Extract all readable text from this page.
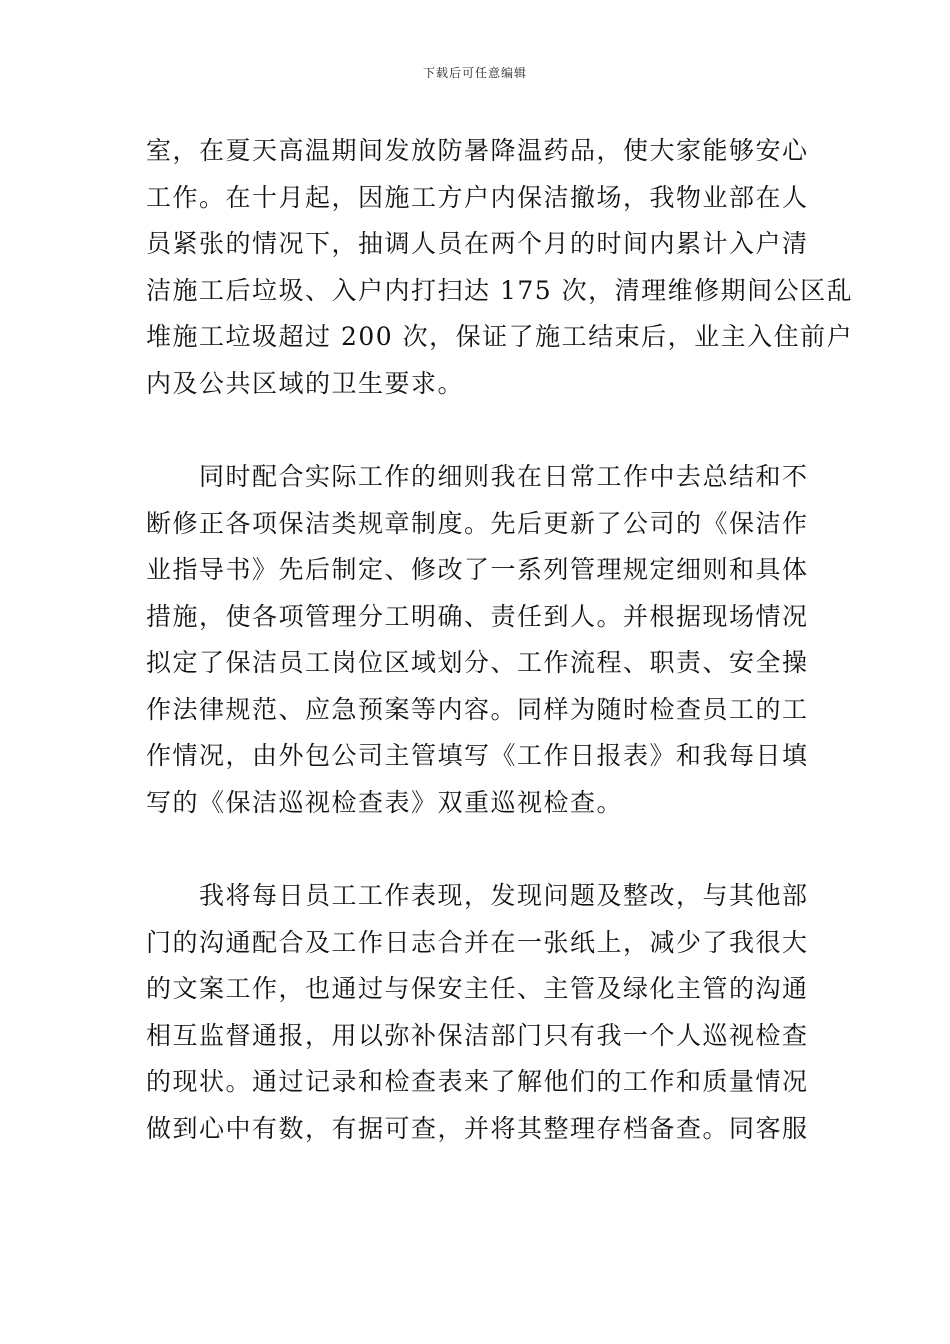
下载后可任意编辑

室，在夏天高温期间发放防暑降温药品，使大家能够安心
工作。在十月起，因施工方户内保洁撤场，我物业部在人
员紧张的情况下，抽调人员在两个月的时间内累计入户清
洁施工后垃圾、入户内打扫达 175 次，清理维修期间公区乱
堆施工垃圾超过 200 次，保证了施工结束后，业主入住前户
内及公共区域的卫生要求。

　　同时配合实际工作的细则我在日常工作中去总结和不
断修正各项保洁类规章制度。先后更新了公司的《保洁作
业指导书》先后制定、修改了一系列管理规定细则和具体
措施，使各项管理分工明确、责任到人。并根据现场情况
拟定了保洁员工岗位区域划分、工作流程、职责、安全操
作法律规范、应急预案等内容。同样为随时检查员工的工
作情况，由外包公司主管填写《工作日报表》和我每日填
写的《保洁巡视检查表》双重巡视检查。

　　我将每日员工工作表现，发现问题及整改，与其他部
门的沟通配合及工作日志合并在一张纸上，减少了我很大
的文案工作，也通过与保安主任、主管及绿化主管的沟通
相互监督通报，用以弥补保洁部门只有我一个人巡视检查
的现状。通过记录和检查表来了解他们的工作和质量情况
做到心中有数，有据可查，并将其整理存档备查。同客服
